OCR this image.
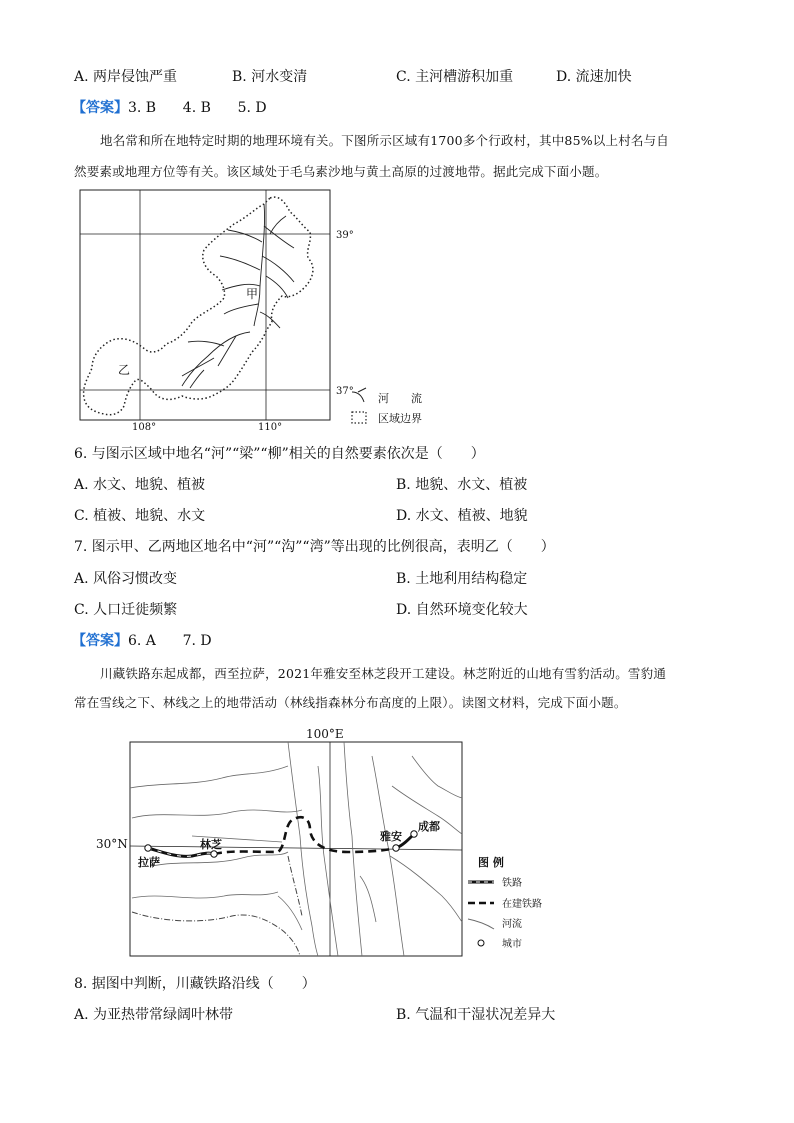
A. 两岸侵蚀严重	B. 河水变清	C. 主河槽游积加重	D. 流速加快
【答案】3. B      4. B      5. D
地名常和所在地特定时期的地理环境有关。下图所示区域有1700多个行政村，其中85%以上村名与自
然要素或地理方位等有关。该区域处于毛乌素沙地与黄土高原的过渡地带。据此完成下面小题。
39°
37°
108°	110°
甲
乙
河　　流
区域边界
6. 与图示区域中地名“河”“梁”“柳”相关的自然要素依次是（　　）
A. 水文、地貌、植被	B. 地貌、水文、植被
C. 植被、地貌、水文	D. 水文、植被、地貌
7. 图示甲、乙两地区地名中“河”“沟”“湾”等出现的比例很高，表明乙（　　）
A. 风俗习惯改变	B. 土地利用结构稳定
C. 人口迁徙频繁	D. 自然环境变化较大
【答案】6. A      7. D
川藏铁路东起成都，西至拉萨，2021年雅安至林芝段开工建设。林芝附近的山地有雪豹活动。雪豹通
常在雪线之下、林线之上的地带活动（林线指森林分布高度的上限）。读图文材料，完成下面小题。
100°E
30°N
拉萨
林芝
雅安
成都
图 例
铁路
在建铁路
河流
城市
8. 据图中判断，川藏铁路沿线（　　）
A. 为亚热带常绿阔叶林带	B. 气温和干湿状况差异大
